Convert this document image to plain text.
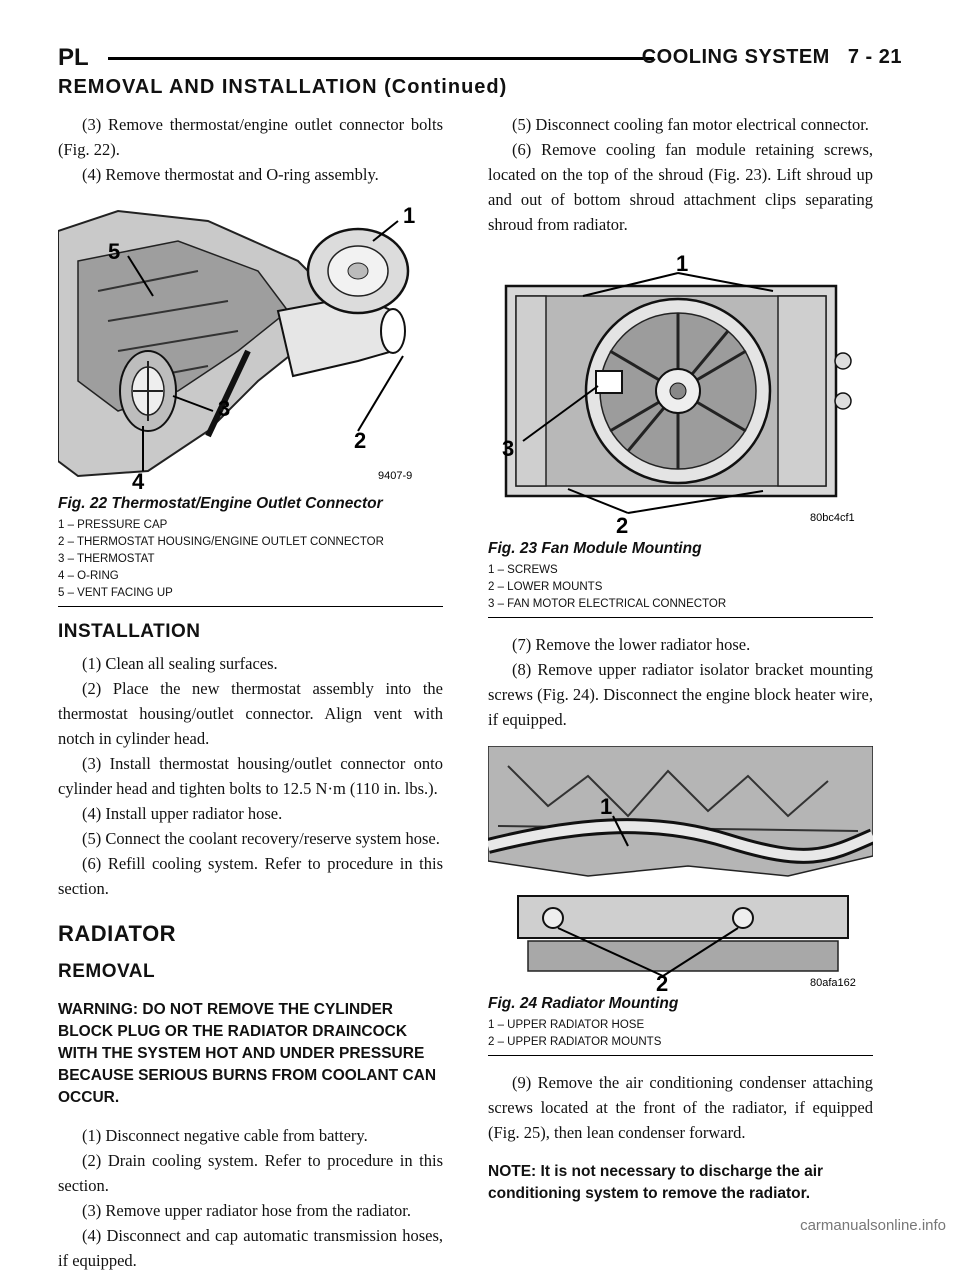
PL	COOLING SYSTEM 7 - 21
REMOVAL AND INSTALLATION (Continued)

(3) Remove thermostat/engine outlet connector bolts (Fig. 22).

(4) Remove thermostat and O-ring assembly.

1
2
3
4
5
9407-9
Fig. 22 Thermostat/Engine Outlet Connector

1 – PRESSURE CAP

2 – THERMOSTAT HOUSING/ENGINE OUTLET CONNECTOR

3 – THERMOSTAT

4 – O-RING

5 – VENT FACING UP

INSTALLATION

(1) Clean all sealing surfaces.

(2) Place the new thermostat assembly into the thermostat housing/outlet connector. Align vent with notch in cylinder head.

(3) Install thermostat housing/outlet connector onto cylinder head and tighten bolts to 12.5 N·m (110 in. lbs.).

(4) Install upper radiator hose.

(5) Connect the coolant recovery/reserve system hose.

(6) Refill cooling system. Refer to procedure in this section.

RADIATOR
REMOVAL
WARNING: DO NOT REMOVE THE CYLINDER BLOCK PLUG OR THE RADIATOR DRAINCOCK WITH THE SYSTEM HOT AND UNDER PRESSURE BECAUSE SERIOUS BURNS FROM COOLANT CAN OCCUR.

(1) Disconnect negative cable from battery.

(2) Drain cooling system. Refer to procedure in this section.

(3) Remove upper radiator hose from the radiator.

(4) Disconnect and cap automatic transmission hoses, if equipped.

(5) Disconnect cooling fan motor electrical connector.

(6) Remove cooling fan module retaining screws, located on the top of the shroud (Fig. 23). Lift shroud up and out of bottom shroud attachment clips separating shroud from radiator.

1
2
3
80bc4cf1
Fig. 23 Fan Module Mounting

1 – SCREWS

2 – LOWER MOUNTS

3 – FAN MOTOR ELECTRICAL CONNECTOR

(7) Remove the lower radiator hose.

(8) Remove upper radiator isolator bracket mounting screws (Fig. 24). Disconnect the engine block heater wire, if equipped.

1
2	80afa162
Fig. 24 Radiator Mounting

1 – UPPER RADIATOR HOSE

2 – UPPER RADIATOR MOUNTS

(9) Remove the air conditioning condenser attaching screws located at the front of the radiator, if equipped (Fig. 25), then lean condenser forward.

NOTE: It is not necessary to discharge the air conditioning system to remove the radiator.
carmanualsonline.info
